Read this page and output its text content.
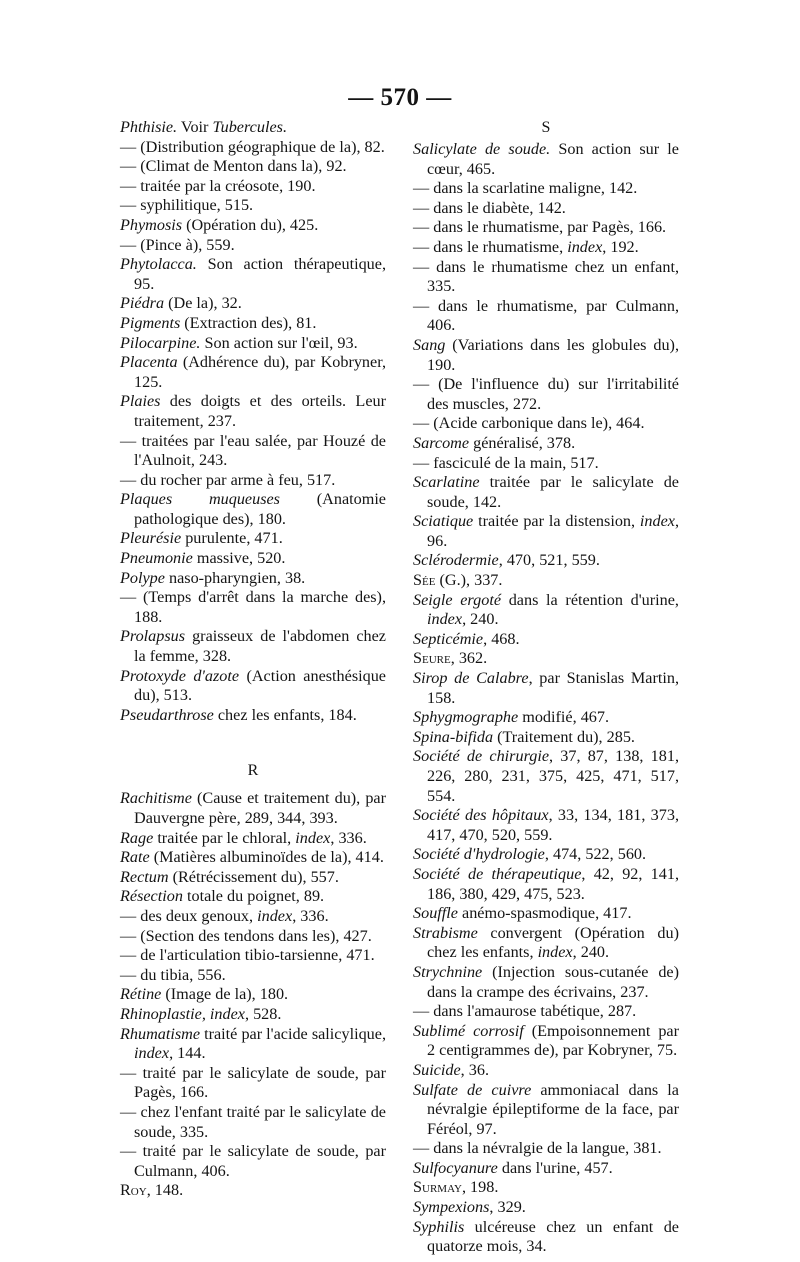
— 570 —
Phthisie. Voir Tubercules.
— (Distribution géographique de la), 82.
— (Climat de Menton dans la), 92.
— traitée par la créosote, 190.
— syphilitique, 515.
Phymosis (Opération du), 425.
— (Pince à), 559.
Phytolacca. Son action thérapeutique, 95.
Piédra (De la), 32.
Pigments (Extraction des), 81.
Pilocarpine. Son action sur l'œil, 93.
Placenta (Adhérence du), par Kobryner, 125.
Plaies des doigts et des orteils. Leur traitement, 237.
— traitées par l'eau salée, par Houzé de l'Aulnoit, 243.
— du rocher par arme à feu, 517.
Plaques muqueuses (Anatomie pathologique des), 180.
Pleurésie purulente, 471.
Pneumonie massive, 520.
Polype naso-pharyngien, 38.
— (Temps d'arrêt dans la marche des), 188.
Prolapsus graisseux de l'abdomen chez la femme, 328.
Protoxyde d'azote (Action anesthésique du), 513.
Pseudarthrose chez les enfants, 184.
R
Rachitisme (Cause et traitement du), par Dauvergne père, 289, 344, 393.
Rage traitée par le chloral, index, 336.
Rate (Matières albuminoïdes de la), 414.
Rectum (Rétrécissement du), 557.
Résection totale du poignet, 89.
— des deux genoux, index, 336.
— (Section des tendons dans les), 427.
— de l'articulation tibio-tarsienne, 471.
— du tibia, 556.
Rétine (Image de la), 180.
Rhinoplastie, index, 528.
Rhumatisme traité par l'acide salicylique, index, 144.
— traité par le salicylate de soude, par Pagès, 166.
— chez l'enfant traité par le salicylate de soude, 335.
— traité par le salicylate de soude, par Culmann, 406.
Roy, 148.
S
Salicylate de soude. Son action sur le cœur, 465.
— dans la scarlatine maligne, 142.
— dans le diabète, 142.
— dans le rhumatisme, par Pagès, 166.
— dans le rhumatisme, index, 192.
— dans le rhumatisme chez un enfant, 335.
— dans le rhumatisme, par Culmann, 406.
Sang (Variations dans les globules du), 190.
— (De l'influence du) sur l'irritabilité des muscles, 272.
— (Acide carbonique dans le), 464.
Sarcome généralisé, 378.
— fasciculé de la main, 517.
Scarlatine traitée par le salicylate de soude, 142.
Sciatique traitée par la distension, index, 96.
Sclérodermie, 470, 521, 559.
Sée (G.), 337.
Seigle ergoté dans la rétention d'urine, index, 240.
Septicémie, 468.
Seure, 362.
Sirop de Calabre, par Stanislas Martin, 158.
Sphygmographe modifié, 467.
Spina-bifida (Traitement du), 285.
Société de chirurgie, 37, 87, 138, 181, 226, 280, 231, 375, 425, 471, 517, 554.
Société des hôpitaux, 33, 134, 181, 373, 417, 470, 520, 559.
Société d'hydrologie, 474, 522, 560.
Société de thérapeutique, 42, 92, 141, 186, 380, 429, 475, 523.
Souffle anémo-spasmodique, 417.
Strabisme convergent (Opération du) chez les enfants, index, 240.
Strychnine (Injection sous-cutanée de) dans la crampe des écrivains, 237.
— dans l'amaurose tabétique, 287.
Sublimé corrosif (Empoisonnement par 2 centigrammes de), par Kobryner, 75.
Suicide, 36.
Sulfate de cuivre ammoniacal dans la névralgie épileptiforme de la face, par Féréol, 97.
— dans la névralgie de la langue, 381.
Sulfocyanure dans l'urine, 457.
Surmay, 198.
Sympexions, 329.
Syphilis ulcéreuse chez un enfant de quatorze mois, 34.
